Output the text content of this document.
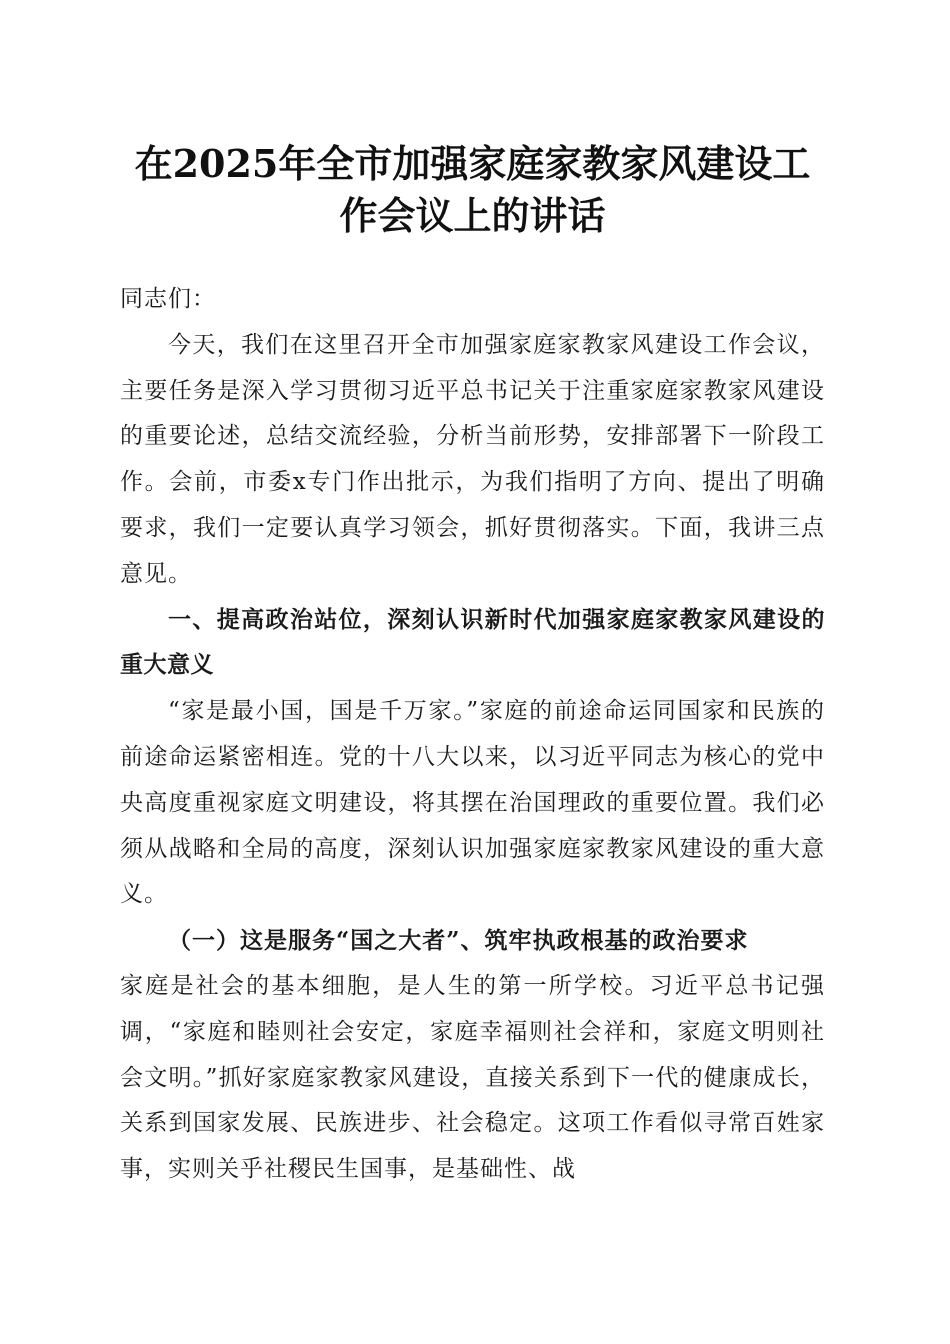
在2025年全市加强家庭家教家风建设工作会议上的讲话

同志们：

今天，我们在这里召开全市加强家庭家教家风建设工作会议，主要任务是深入学习贯彻习近平总书记关于注重家庭家教家风建设的重要论述，总结交流经验，分析当前形势，安排部署下一阶段工作。会前，市委x专门作出批示，为我们指明了方向、提出了明确要求，我们一定要认真学习领会，抓好贯彻落实。下面，我讲三点意见。

一、提高政治站位，深刻认识新时代加强家庭家教家风建设的重大意义

“家是最小国，国是千万家。”家庭的前途命运同国家和民族的前途命运紧密相连。党的十八大以来，以习近平同志为核心的党中央高度重视家庭文明建设，将其摆在治国理政的重要位置。我们必须从战略和全局的高度，深刻认识加强家庭家教家风建设的重大意义。

（一）这是服务“国之大者”、筑牢执政根基的政治要求

家庭是社会的基本细胞，是人生的第一所学校。习近平总书记强调，“家庭和睦则社会安定，家庭幸福则社会祥和，家庭文明则社会文明。”抓好家庭家教家风建设，直接关系到下一代的健康成长，关系到国家发展、民族进步、社会稳定。这项工作看似寻常百姓家事，实则关乎社稷民生国事，是基础性、战
